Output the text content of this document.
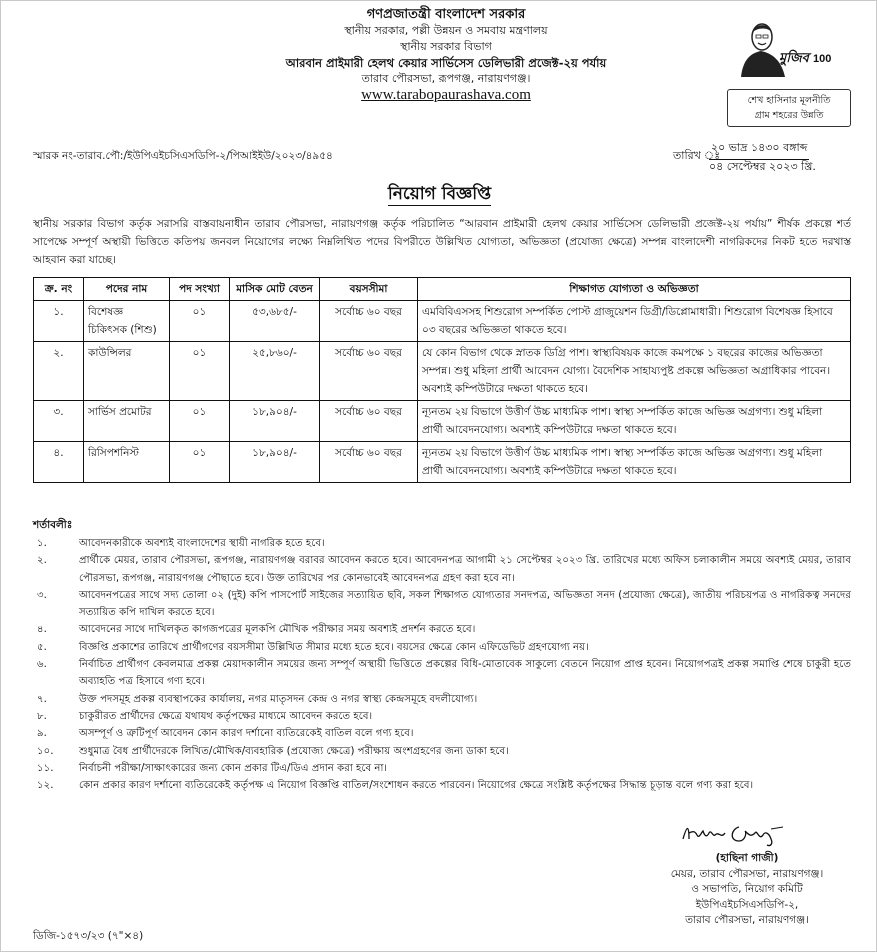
গণপ্রজাতন্ত্রী বাংলাদেশ সরকার
স্থানীয় সরকার, পল্লী উন্নয়ন ও সমবায় মন্ত্রণালয়
স্থানীয় সরকার বিভাগ
আরবান প্রাইমারী হেলথ কেয়ার সার্ভিসেস ডেলিভারী প্রজেক্ট-২য় পর্যায়
তারাব পৌরসভা, রূপগঞ্জ, নারায়ণগঞ্জ।
www.tarabopaurashava.com
মুজিব 100
শেখ হাসিনার মূলনীতি
গ্রাম শহরের উন্নতি
স্মারক নং-তারাব.পৌ:/ইউপিএইচসিএসডিপি-২/পিআইইউ/২০২৩/৪৯৫৪	তারিখ ঃ
২০ ভাদ্র ১৪৩০ বঙ্গাব্দ
০৪ সেপ্টেম্বর ২০২৩ খ্রি.
নিয়োগ বিজ্ঞপ্তি
স্থানীয় সরকার বিভাগ কর্তৃক সরাসরি বাস্তবায়নাধীন তারাব পৌরসভা, নারায়ণগঞ্জ কর্তৃক পরিচালিত “আরবান প্রাইমারী হেলথ কেয়ার সার্ভিসেস ডেলিভারী প্রজেক্ট-২য় পর্যায়” শীর্ষক প্রকল্পে শর্ত সাপেক্ষে সম্পূর্ণ অস্থায়ী ভিত্তিতে কতিপয় জনবল নিয়োগের লক্ষ্যে নিম্নলিখিত পদের বিপরীতে উল্লিখিত যোগ্যতা, অভিজ্ঞতা (প্রযোজ্য ক্ষেত্রে) সম্পন্ন বাংলাদেশী নাগরিকদের নিকট হতে দরখাস্ত আহবান করা যাচ্ছে।
ক্র. নং	পদের নাম	পদ সংখ্যা	মাসিক মোট বেতন	বয়সসীমা	শিক্ষাগত যোগ্যতা ও অভিজ্ঞতা
১.	বিশেষজ্ঞ চিকিৎসক (শিশু)	০১	৫৩,৬৮৫/-	সর্বোচ্চ ৬০ বছর	এমবিবিএসসহ শিশুরোগ সম্পর্কিত পোস্ট গ্রাজুয়েশন ডিগ্রী/ডিপ্লোমাধারী। শিশুরোগ বিশেষজ্ঞ হিসাবে ০৩ বছরের অভিজ্ঞতা থাকতে হবে।
২.	কাউন্সিলর	০১	২৫,৮৬০/-	সর্বোচ্চ ৬০ বছর	যে কোন বিভাগ থেকে স্নাতক ডিগ্রি পাশ। স্বাস্থ্যবিষয়ক কাজে কমপক্ষে ১ বছরের কাজের অভিজ্ঞতা সম্পন্ন। শুধু মহিলা প্রার্থী আবেদন যোগ্য। বৈদেশিক সাহায্যপুষ্ট প্রকল্পে অভিজ্ঞতা অগ্রাধিকার পাবেন। অবশ্যই কম্পিউটারে দক্ষতা থাকতে হবে।
৩.	সার্ভিস প্রমোটর	০১	১৮,৯০৪/-	সর্বোচ্চ ৬০ বছর	ন্যূনতম ২য় বিভাগে উত্তীর্ণ উচ্চ মাধ্যমিক পাশ। স্বাস্থ্য সম্পর্কিত কাজে অভিজ্ঞ অগ্রগণ্য। শুধু মহিলা প্রার্থী আবেদনযোগ্য। অবশ্যই কম্পিউটারে দক্ষতা থাকতে হবে।
৪.	রিসিপশনিস্ট	০১	১৮,৯০৪/-	সর্বোচ্চ ৬০ বছর	ন্যূনতম ২য় বিভাগে উত্তীর্ণ উচ্চ মাধ্যমিক পাশ। স্বাস্থ্য সম্পর্কিত কাজে অভিজ্ঞ অগ্রগণ্য। শুধু মহিলা প্রার্থী আবেদনযোগ্য। অবশ্যই কম্পিউটারে দক্ষতা থাকতে হবে।
শর্তাবলীঃ
১.	আবেদনকারীকে অবশ্যই বাংলাদেশের স্থায়ী নাগরিক হতে হবে।
২.	প্রার্থীকে মেয়র, তারাব পৌরসভা, রূপগঞ্জ, নারায়ণগঞ্জ বরাবর আবেদন করতে হবে। আবেদনপত্র আগামী ২১ সেপ্টেম্বর ২০২৩ খ্রি. তারিখের মধ্যে অফিস চলাকালীন সময়ে অবশ্যই মেয়র, তারাব পৌরসভা, রূপগঞ্জ, নারায়ণগঞ্জ পৌছাতে হবে। উক্ত তারিখের পর কোনভাবেই আবেদনপত্র গ্রহণ করা হবে না।
৩.	আবেদনপত্রের সাথে সদ্য তোলা ০২ (দুই) কপি পাসপোর্ট সাইজের সত্যায়িত ছবি, সকল শিক্ষাগত যোগ্যতার সনদপত্র, অভিজ্ঞতা সনদ (প্রযোজ্য ক্ষেত্রে), জাতীয় পরিচয়পত্র ও নাগরিকত্ব সনদের সত্যায়িত কপি দাখিল করতে হবে।
৪.	আবেদনের সাথে দাখিলকৃত কাগজপত্রের মূলকপি মৌখিক পরীক্ষার সময় অবশ্যই প্রদর্শন করতে হবে।
৫.	বিজ্ঞপ্তি প্রকাশের তারিখে প্রার্থীগণের বয়সসীমা উল্লিখিত সীমার মধ্যে হতে হবে। বয়সের ক্ষেত্রে কোন এফিডেভিট গ্রহণযোগ্য নয়।
৬.	নির্বাচিত প্রার্থীগণ কেবলমাত্র প্রকল্প মেয়াদকালীন সময়ের জন্য সম্পূর্ণ অস্থায়ী ভিত্তিতে প্রকল্পের বিধি-মোতাবেক সাকুল্যে বেতনে নিয়োগ প্রাপ্ত হবেন। নিয়োগপত্রই প্রকল্প সমাপ্তি শেষে চাকুরী হতে অব্যাহতি পত্র হিসাবে গণ্য হবে।
৭.	উক্ত পদসমূহ প্রকল্প ব্যবস্থাপকের কার্যালয়, নগর মাতৃসদন কেন্দ্র ও নগর স্বাস্থ্য কেন্দ্রসমূহে বদলীযোগ্য।
৮.	চাকুরীরত প্রার্থীদের ক্ষেত্রে যথাযথ কর্তৃপক্ষের মাধ্যমে আবেদন করতে হবে।
৯.	অসম্পূর্ণ ও ত্রুটিপূর্ণ আবেদন কোন কারণ দর্শানো ব্যতিরেকেই বাতিল বলে গণ্য হবে।
১০.	শুধুমাত্র বৈধ প্রার্থীদেরকে লিখিত/মৌখিক/ব্যবহারিক (প্রযোজ্য ক্ষেত্রে) পরীক্ষায় অংশগ্রহণের জন্য ডাকা হবে।
১১.	নির্বাচনী পরীক্ষা/সাক্ষাৎকারের জন্য কোন প্রকার টিএ/ডিএ প্রদান করা হবে না।
১২.	কোন প্রকার কারণ দর্শানো ব্যতিরেকেই কর্তৃপক্ষ এ নিয়োগ বিজ্ঞপ্তি বাতিল/সংশোধন করতে পারবেন। নিয়োগের ক্ষেত্রে সংশ্লিষ্ট কর্তৃপক্ষের সিদ্ধান্ত চূড়ান্ত বলে গণ্য করা হবে।
(হাছিনা গাজী)
মেয়র, তারাব পৌরসভা, নারায়ণগঞ্জ।
ও সভাপতি, নিয়োগ কমিটি
ইউপিএইচসিএসডিপি-২,
তারাব পৌরসভা, নারায়ণগঞ্জ।
ডিজি-১৫৭৩/২৩ (৭"×৪)
